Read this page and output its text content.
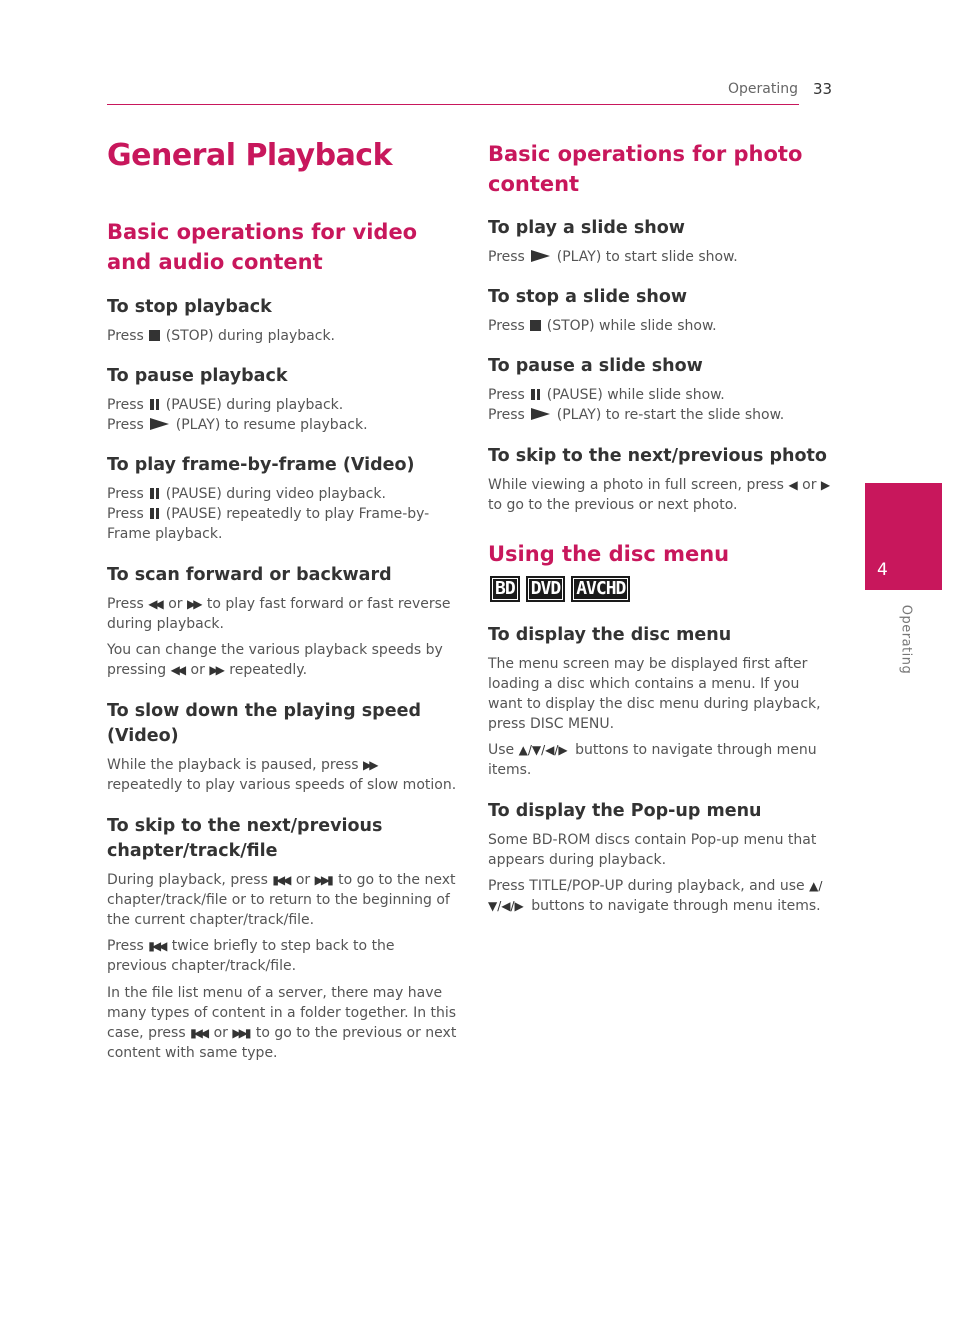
Operating 33
General Playback
Basic operations for video and audio content
To stop playback

Press  (STOP) during playback.

To pause playback

Press  (PAUSE) during playback.
Press  (PLAY) to resume playback.

To play frame-by-frame (Video)

Press  (PAUSE) during video playback.
Press  (PAUSE) repeatedly to play Frame-by-Frame playback.

To scan forward or backward

Press ◀◀ or ▶▶ to play fast forward or fast reverse during playback.

You can change the various playback speeds by pressing ◀◀ or ▶▶ repeatedly.

To slow down the playing speed (Video)

While the playback is paused, press ▶▶ repeatedly to play various speeds of slow motion.

To skip to the next/previous chapter/track/file

During playback, press ▮◀◀ or ▶▶▮ to go to the next chapter/track/file or to return to the beginning of the current chapter/track/file.

Press ▮◀◀ twice briefly to step back to the previous chapter/track/file.

In the file list menu of a server, there may have many types of content in a folder together. In this case, press ▮◀◀ or ▶▶▮ to go to the previous or next content with same type.

Basic operations for photo content
To play a slide show

Press  (PLAY) to start slide show.

To stop a slide show

Press  (STOP) while slide show.

To pause a slide show

Press  (PAUSE) while slide show.
Press  (PLAY) to re-start the slide show.

To skip to the next/previous photo

While viewing a photo in full screen, press ◀ or ▶ to go to the previous or next photo.

Using the disc menu
BD DVD AVCHD
To display the disc menu

The menu screen may be displayed first after loading a disc which contains a menu. If you want to display the disc menu during playback, press DISC MENU.

Use ▲/▼/◀/▶ buttons to navigate through menu items.

To display the Pop-up menu

Some BD-ROM discs contain Pop-up menu that appears during playback.

Press TITLE/POP-UP during playback, and use ▲/▼/◀/▶ buttons to navigate through menu items.

4
Operating
